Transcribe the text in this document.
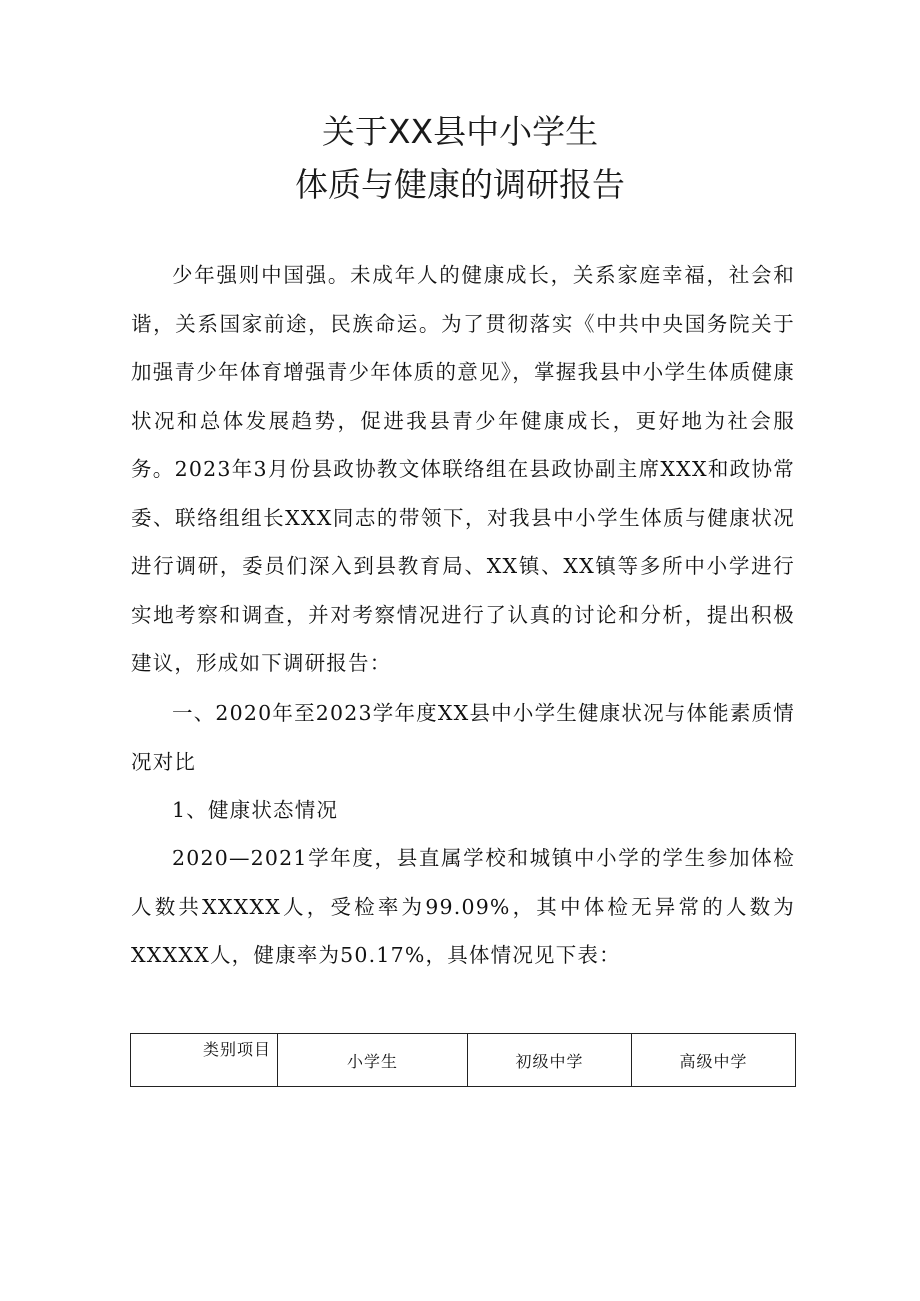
关于XX县中小学生
体质与健康的调研报告

少年强则中国强。未成年人的健康成长，关系家庭幸福，社会和谐，关系国家前途，民族命运。为了贯彻落实《中共中央国务院关于加强青少年体育增强青少年体质的意见》，掌握我县中小学生体质健康状况和总体发展趋势，促进我县青少年健康成长，更好地为社会服务。2023年3月份县政协教文体联络组在县政协副主席XXX和政协常委、联络组组长XXX同志的带领下，对我县中小学生体质与健康状况进行调研，委员们深入到县教育局、XX镇、XX镇等多所中小学进行实地考察和调查，并对考察情况进行了认真的讨论和分析，提出积极建议，形成如下调研报告：

一、2020年至2023学年度XX县中小学生健康状况与体能素质情况对比

1、健康状态情况

2020—2021学年度，县直属学校和城镇中小学的学生参加体检人数共XXXXX人，受检率为99.09%，其中体检无异常的人数为XXXXX人，健康率为50.17%，具体情况见下表：

类别项目	小学生	初级中学	高级中学
